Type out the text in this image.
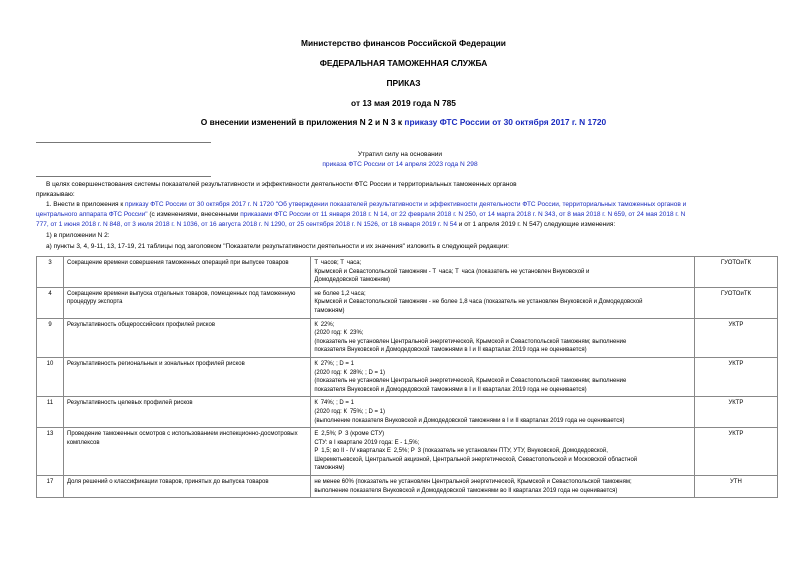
Министерство финансов Российской Федерации
ФЕДЕРАЛЬНАЯ ТАМОЖЕННАЯ СЛУЖБА
ПРИКАЗ
от 13 мая 2019 года N 785
О внесении изменений в приложения N 2 и N 3 к приказу ФТС России от 30 октября 2017 г. N 1720
Утратил силу на основании
приказа ФТС России от 14 апреля 2023 года N 298
В целях совершенствования системы показателей результативности и эффективности деятельности ФТС России и территориальных таможенных органов
приказываю:
1. Внести в приложения к приказу ФТС России от 30 октября 2017 г. N 1720 "Об утверждении показателей результативности и эффективности деятельности ФТС России, территориальных таможенных органов и
центрального аппарата ФТС России" (с изменениями, внесенными приказами ФТС России от 11 января 2018 г. N 14, от 22 февраля 2018 г. N 250, от 14 марта 2018 г. N 343, от 8 мая 2018 г. N 659, от 24 мая 2018 г. N
777, от 1 июня 2018 г. N 848, от 3 июля 2018 г. N 1036, от 16 августа 2018 г. N 1290, от 25 сентября 2018 г. N 1526, от 18 января 2019 г. N 54 и от 1 апреля 2019 г. N 547) следующие изменения:
1) в приложении N 2:
а) пункты 3, 4, 9-11, 13, 17-19, 21 таблицы под заголовком "Показатели результативности деятельности и их значения" изложить в следующей редакции:
3	Сокращение времени совершения таможенных операций при выпуске товаров	Т  часов; Т  часа;
Крымской и Севастопольской таможням - Т  часа; Т  часа (показатель не установлен Внуковской и
Домодедовской таможням)	ГУОТОиТК
4	Сокращение времени выпуска отдельных товаров, помещенных под таможенную процедуру экспорта	не более 1,2 часа;
Крымской и Севастопольской таможням - не более 1,8 часа (показатель не установлен Внуковской и Домодедовской
таможням)	ГУОТОиТК
9	Результативность общероссийских профилей рисков	К  22%;
(2020 год: К  23%;
(показатель не установлен Центральной энергетической, Крымской и Севастопольской таможням; выполнение
показателя Внуковской и Домодедовской таможнями в I и II кварталах 2019 года не оценивается)	УКТР
10	Результативность региональных и зональных профилей рисков	К  27%; ; D = 1
(2020 год: К  28%; ; D = 1)
(показатель не установлен Центральной энергетической, Крымской и Севастопольской таможням; выполнение
показателя Внуковской и Домодедовской таможнями в I и II кварталах 2019 года не оценивается)	УКТР
11	Результативность целевых профилей рисков	К  74%; ; D = 1
(2020 год: К  75%; ; D = 1)
(выполнение показателя Внуковской и Домодедовской таможнями в I и II кварталах 2019 года не оценивается)	УКТР
13	Проведение таможенных осмотров с использованием инспекционно-досмотровых комплексов	Е  2,5%; Р  3 (кроме СТУ)
СТУ: в I квартале 2019 года: Е - 1,5%;
Р  1,5; во II - IV кварталах Е  2,5%; Р  3 (показатель не установлен ПТУ, УТУ, Внуковской, Домодедовской,
Шереметьевской, Центральной акцизной, Центральной энергетической, Севастопольской и Московской областной
таможням)	УКТР
17	Доля решений о классификации товаров, принятых до выпуска товаров	не менее 60% (показатель не установлен Центральной энергетической, Крымской и Севастопольской таможням;
выполнение показателя Внуковской и Домодедовской таможнями во II кварталах 2019 года не оценивается)	УТН
